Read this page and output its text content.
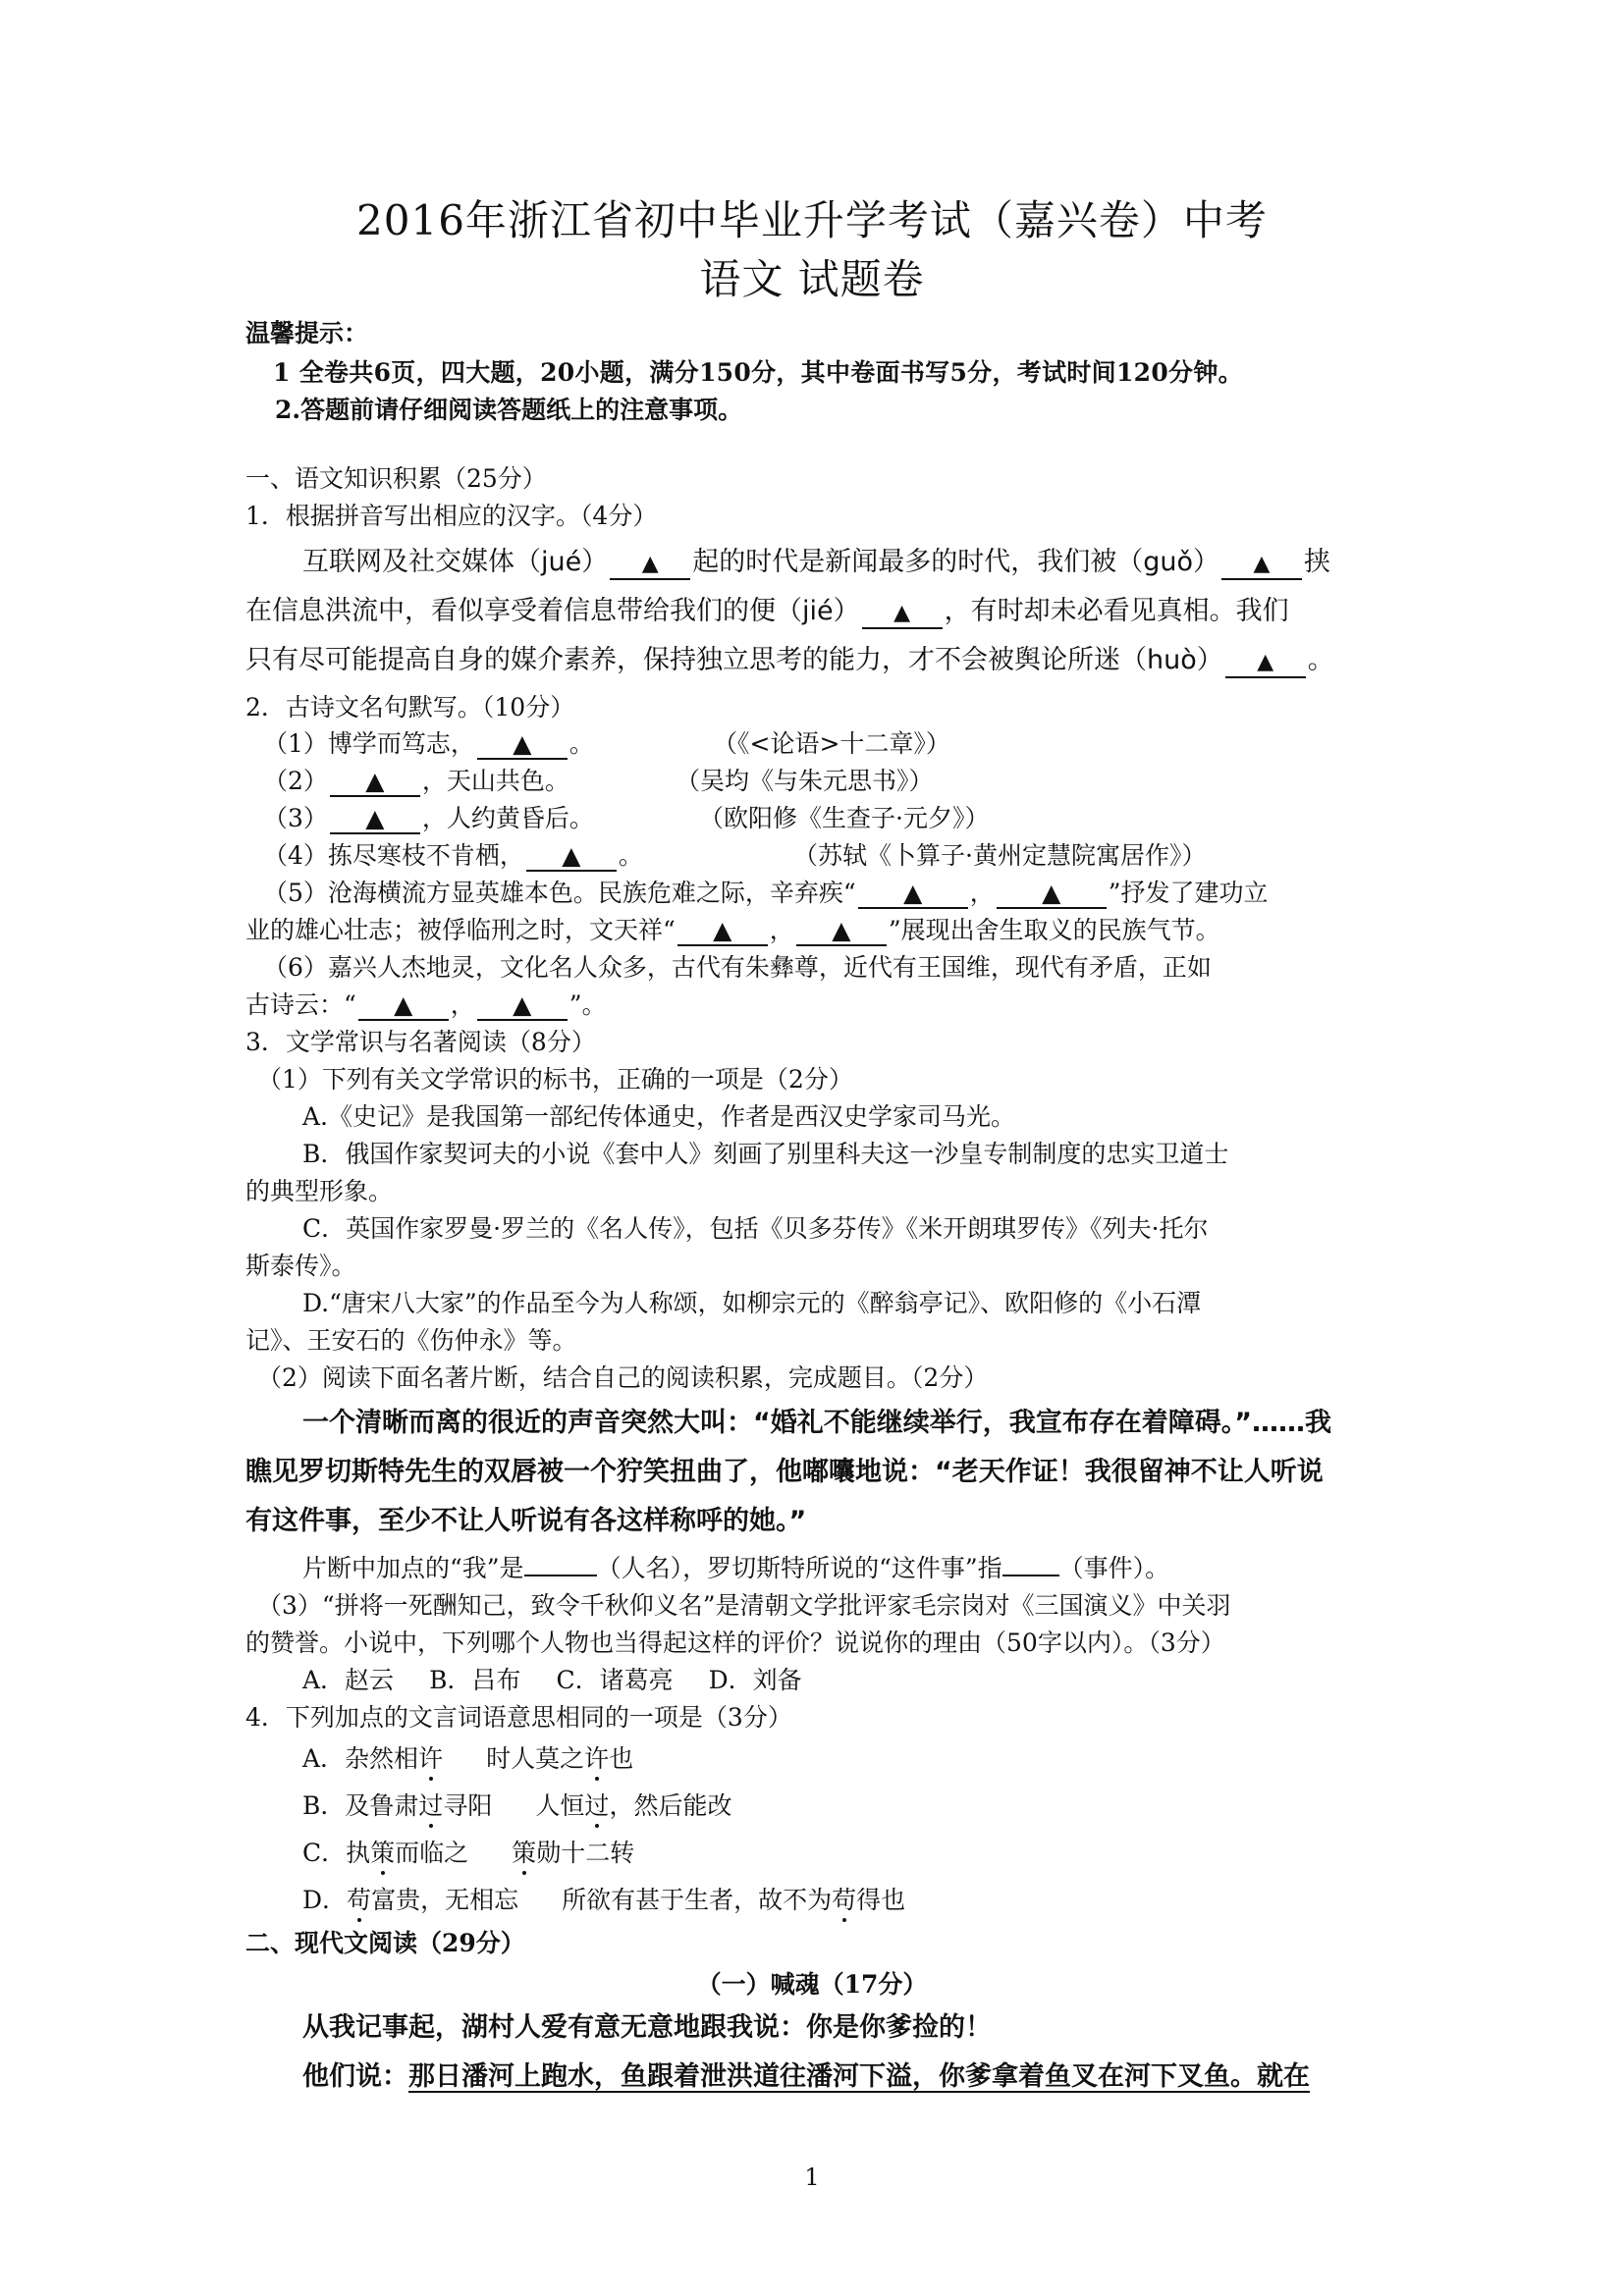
2016年浙江省初中毕业升学考试（嘉兴卷）中考
语文 试题卷
温馨提示：
1 全卷共6页，四大题，20小题，满分150分，其中卷面书写5分，考试时间120分钟。
2.答题前请仔细阅读答题纸上的注意事项。
一、语文知识积累（25分）
1．根据拼音写出相应的汉字。（4分）
互联网及社交媒体（jué） ▲ 起的时代是新闻最多的时代，我们被（guǒ） ▲ 挟
在信息洪流中，看似享受着信息带给我们的便（jié） ▲ ，有时却未必看见真相。我们
只有尽可能提高自身的媒介素养，保持独立思考的能力，才不会被舆论所迷（huò） ▲ 。
2．古诗文名句默写。（10分）
（1）博学而笃志， ▲ 。	（《<论语>十二章》）
（2） ▲ ，天山共色。	（吴均《与朱元思书》）
（3） ▲ ，人约黄昏后。	（欧阳修《生查子·元夕》）
（4）拣尽寒枝不肯栖， ▲ 。	（苏轼《卜算子·黄州定慧院寓居作》）
（5）沧海横流方显英雄本色。民族危难之际，辛弃疾“ ▲ ， ▲ ”抒发了建功立
业的雄心壮志；被俘临刑之时，文天祥“ ▲ ， ▲ ”展现出舍生取义的民族气节。
（6）嘉兴人杰地灵，文化名人众多，古代有朱彝尊，近代有王国维，现代有矛盾，正如
古诗云：“ ▲ ， ▲ ”。
3．文学常识与名著阅读（8分）
（1）下列有关文学常识的标书，正确的一项是（2分）
A.《史记》是我国第一部纪传体通史，作者是西汉史学家司马光。
B．俄国作家契诃夫的小说《套中人》刻画了别里科夫这一沙皇专制制度的忠实卫道士
的典型形象。
C．英国作家罗曼·罗兰的《名人传》，包括《贝多芬传》《米开朗琪罗传》《列夫·托尔
斯泰传》。
D.“唐宋八大家”的作品至今为人称颂，如柳宗元的《醉翁亭记》、欧阳修的《小石潭
记》、王安石的《伤仲永》等。
（2）阅读下面名著片断，结合自己的阅读积累，完成题目。（2分）
一个清晰而离的很近的声音突然大叫：“婚礼不能继续举行，我宣布存在着障碍。”……我
瞧见罗切斯特先生的双唇被一个狞笑扭曲了，他嘟囔地说：“老天作证！我很留神不让人听说
有这件事，至少不让人听说有各这样称呼的她。”
片断中加点的“我”是	（人名），罗切斯特所说的“这件事”指 （事件）。
（3）“拼将一死酬知己，致令千秋仰义名”是清朝文学批评家毛宗岗对《三国演义》中关羽
的赞誉。小说中，下列哪个人物也当得起这样的评价？说说你的理由（50字以内）。（3分）
A．赵云 B．吕布 C．诸葛亮 D．刘备
4．下列加点的文言词语意思相同的一项是（3分）
A．杂然相许 时人莫之许也
B．及鲁肃过寻阳 人恒过，然后能改
C．执策而临之 策勋十二转
D．苟富贵，无相忘 所欲有甚于生者，故不为苟得也
二、现代文阅读（29分）
（一）喊魂（17分）
从我记事起，湖村人爱有意无意地跟我说：你是你爹捡的！
他们说：那日潘河上跑水，鱼跟着泄洪道往潘河下溢，你爹拿着鱼叉在河下叉鱼。就在
1
